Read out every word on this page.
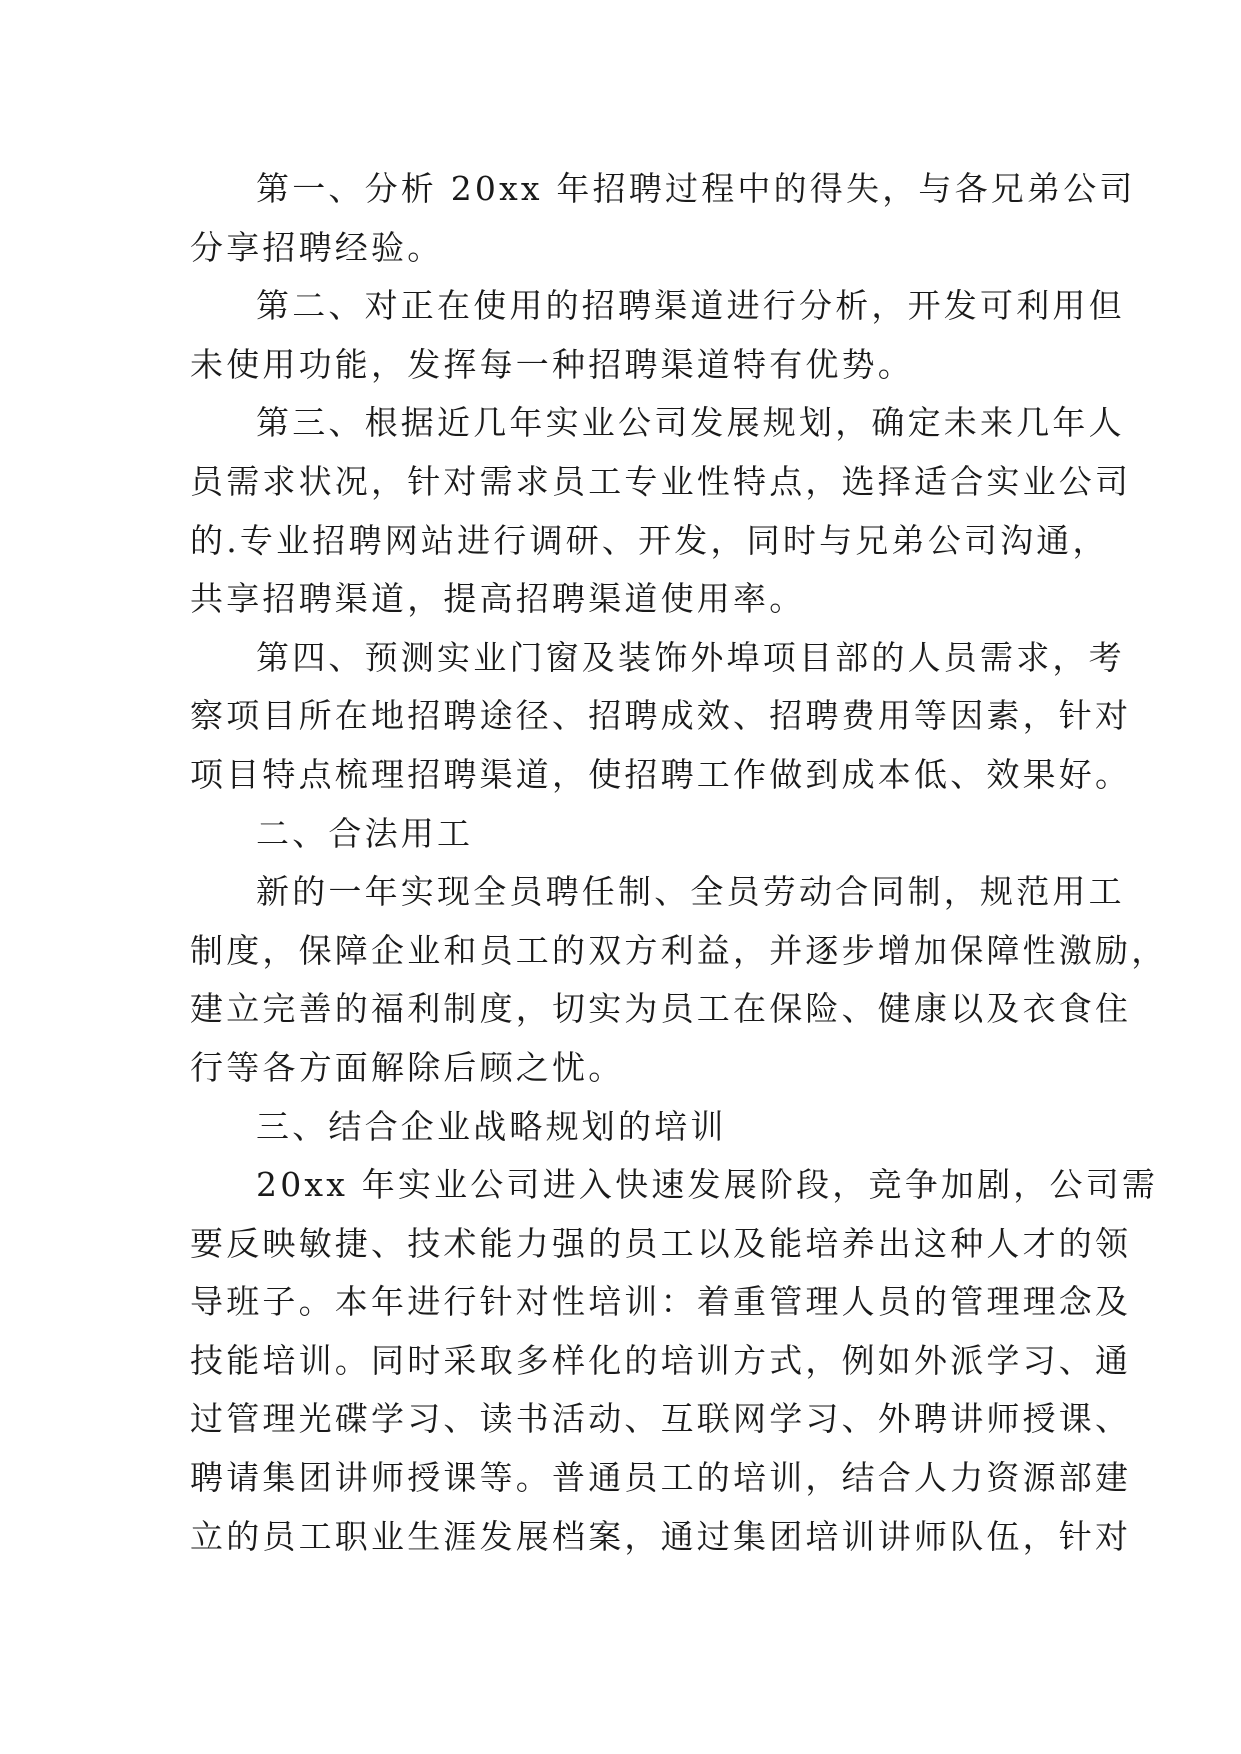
第一、分析 20xx 年招聘过程中的得失，与各兄弟公司
分享招聘经验。
第二、对正在使用的招聘渠道进行分析，开发可利用但
未使用功能，发挥每一种招聘渠道特有优势。
第三、根据近几年实业公司发展规划，确定未来几年人
员需求状况，针对需求员工专业性特点，选择适合实业公司
的.专业招聘网站进行调研、开发，同时与兄弟公司沟通，
共享招聘渠道，提高招聘渠道使用率。
第四、预测实业门窗及装饰外埠项目部的人员需求，考
察项目所在地招聘途径、招聘成效、招聘费用等因素，针对
项目特点梳理招聘渠道，使招聘工作做到成本低、效果好。
二、合法用工
新的一年实现全员聘任制、全员劳动合同制，规范用工
制度，保障企业和员工的双方利益，并逐步增加保障性激励，
建立完善的福利制度，切实为员工在保险、健康以及衣食住
行等各方面解除后顾之忧。
三、结合企业战略规划的培训
20xx 年实业公司进入快速发展阶段，竞争加剧，公司需
要反映敏捷、技术能力强的员工以及能培养出这种人才的领
导班子。本年进行针对性培训：着重管理人员的管理理念及
技能培训。同时采取多样化的培训方式，例如外派学习、通
过管理光碟学习、读书活动、互联网学习、外聘讲师授课、
聘请集团讲师授课等。普通员工的培训，结合人力资源部建
立的员工职业生涯发展档案，通过集团培训讲师队伍，针对
